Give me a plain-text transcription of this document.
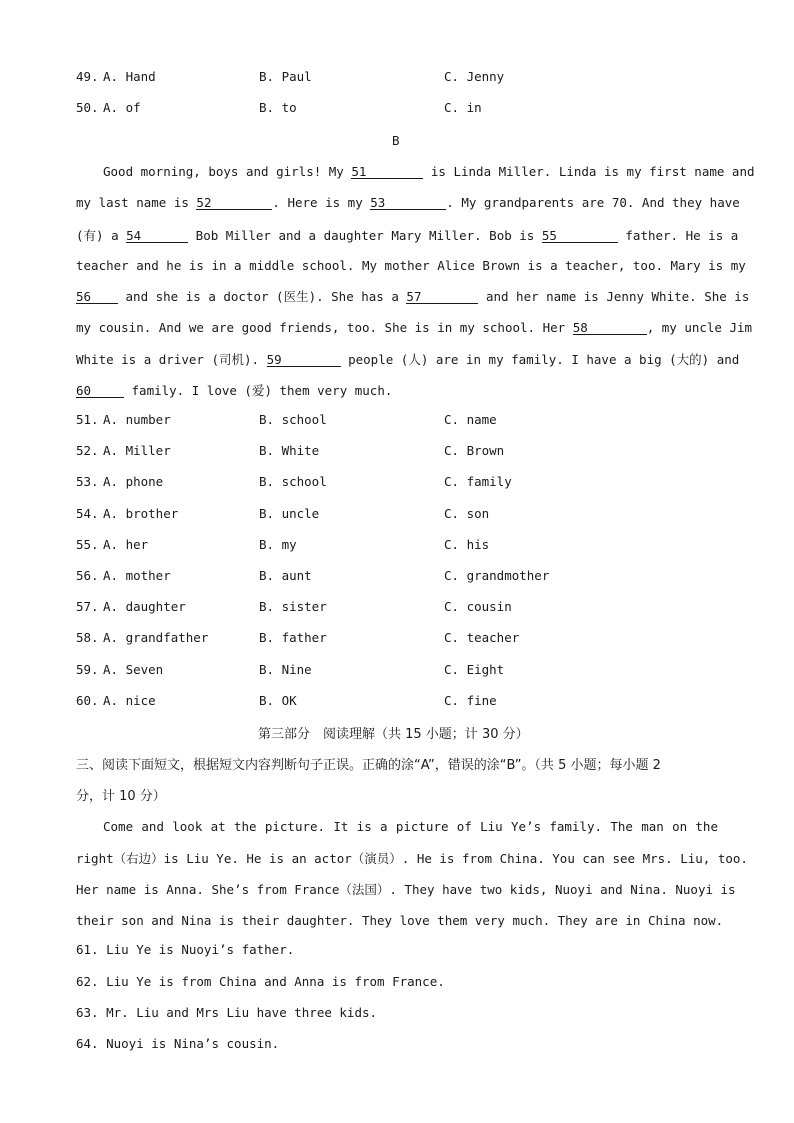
49. A. Hand	B. Paul	C. Jenny
50. A. of	B. to	C. in
B
Good morning, boys and girls! My 51	is Linda Miller. Linda is my first name and
my last name is 52	. Here is my 53	. My grandparents are 70. And they have
(有) a 54	Bob Miller and a daughter Mary Miller. Bob is 55	father. He is a
teacher and he is in a middle school. My mother Alice Brown is a teacher, too. Mary is my
56	and she is a doctor (医生). She has a 57	and her name is Jenny White. She is
my cousin. And we are good friends, too. She is in my school. Her 58	, my uncle Jim
White is a driver (司机). 59	people (人) are in my family. I have a big (大的) and
60	family. I love (爱) them very much.
51. A. number	B. school	C. name
52. A. Miller	B. White	C. Brown
53. A. phone	B. school	C. family
54. A. brother	B. uncle	C. son
55. A. her	B. my	C. his
56. A. mother	B. aunt	C. grandmother
57. A. daughter	B. sister	C. cousin
58. A. grandfather	B. father	C. teacher
59. A. Seven	B. Nine	C. Eight
60. A. nice	B. OK	C. fine
第三部分　阅读理解（共 15 小题；计 30 分）
三、阅读下面短文，根据短文内容判断句子正误。正确的涂“A”，错误的涂“B”。（共 5 小题；每小题 2
分，计 10 分）
Come and look at the picture. It is a picture of Liu Ye’s family. The man on the
right（右边）is Liu Ye. He is an actor（演员）. He is from China. You can see Mrs. Liu, too.
Her name is Anna. She’s from France（法国）. They have two kids, Nuoyi and Nina. Nuoyi is
their son and Nina is their daughter. They love them very much. They are in China now.
61. Liu Ye is Nuoyi’s father.
62. Liu Ye is from China and Anna is from France.
63. Mr. Liu and Mrs Liu have three kids.
64. Nuoyi is Nina’s cousin.
